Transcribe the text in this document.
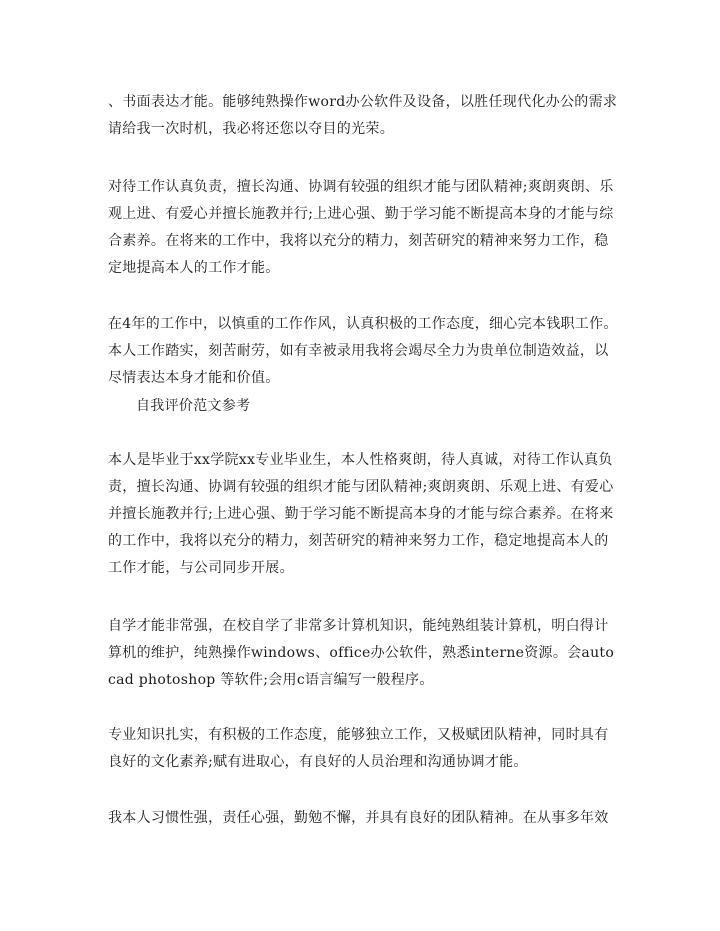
、书面表达才能。能够纯熟操作word办公软件及设备，以胜任现代化办公的需求
请给我一次时机，我必将还您以夺目的光荣。
对待工作认真负责，擅长沟通、协调有较强的组织才能与团队精神;爽朗爽朗、乐
观上进、有爱心并擅长施教并行;上进心强、勤于学习能不断提高本身的才能与综
合素养。在将来的工作中，我将以充分的精力，刻苦研究的精神来努力工作，稳
定地提高本人的工作才能。
在4年的工作中，以慎重的工作作风，认真积极的工作态度，细心完本钱职工作。
本人工作踏实，刻苦耐劳，如有幸被录用我将会竭尽全力为贵单位制造效益，以
尽情表达本身才能和价值。
自我评价范文参考
本人是毕业于xx学院xx专业毕业生，本人性格爽朗，待人真诚，对待工作认真负
责，擅长沟通、协调有较强的组织才能与团队精神;爽朗爽朗、乐观上进、有爱心
并擅长施教并行;上进心强、勤于学习能不断提高本身的才能与综合素养。在将来
的工作中，我将以充分的精力，刻苦研究的精神来努力工作，稳定地提高本人的
工作才能，与公司同步开展。
自学才能非常强，在校自学了非常多计算机知识，能纯熟组装计算机，明白得计
算机的维护，纯熟操作windows、office办公软件，熟悉interne资源。会auto
cad photoshop 等软件;会用c语言编写一般程序。
专业知识扎实，有积极的工作态度，能够独立工作，又极赋团队精神，同时具有
良好的文化素养;赋有进取心，有良好的人员治理和沟通协调才能。
我本人习惯性强，责任心强，勤勉不懈，并具有良好的团队精神。在从事多年效
